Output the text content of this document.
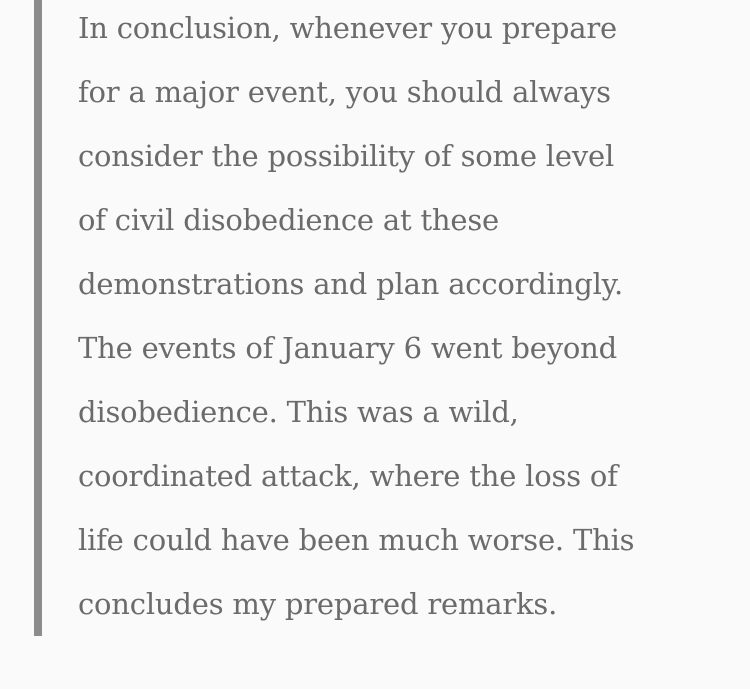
In conclusion, whenever you prepare
for a major event, you should always
consider the possibility of some level
of civil disobedience at these
demonstrations and plan accordingly.
The events of January 6 went beyond
disobedience. This was a wild,
coordinated attack, where the loss of
life could have been much worse. This
concludes my prepared remarks.
